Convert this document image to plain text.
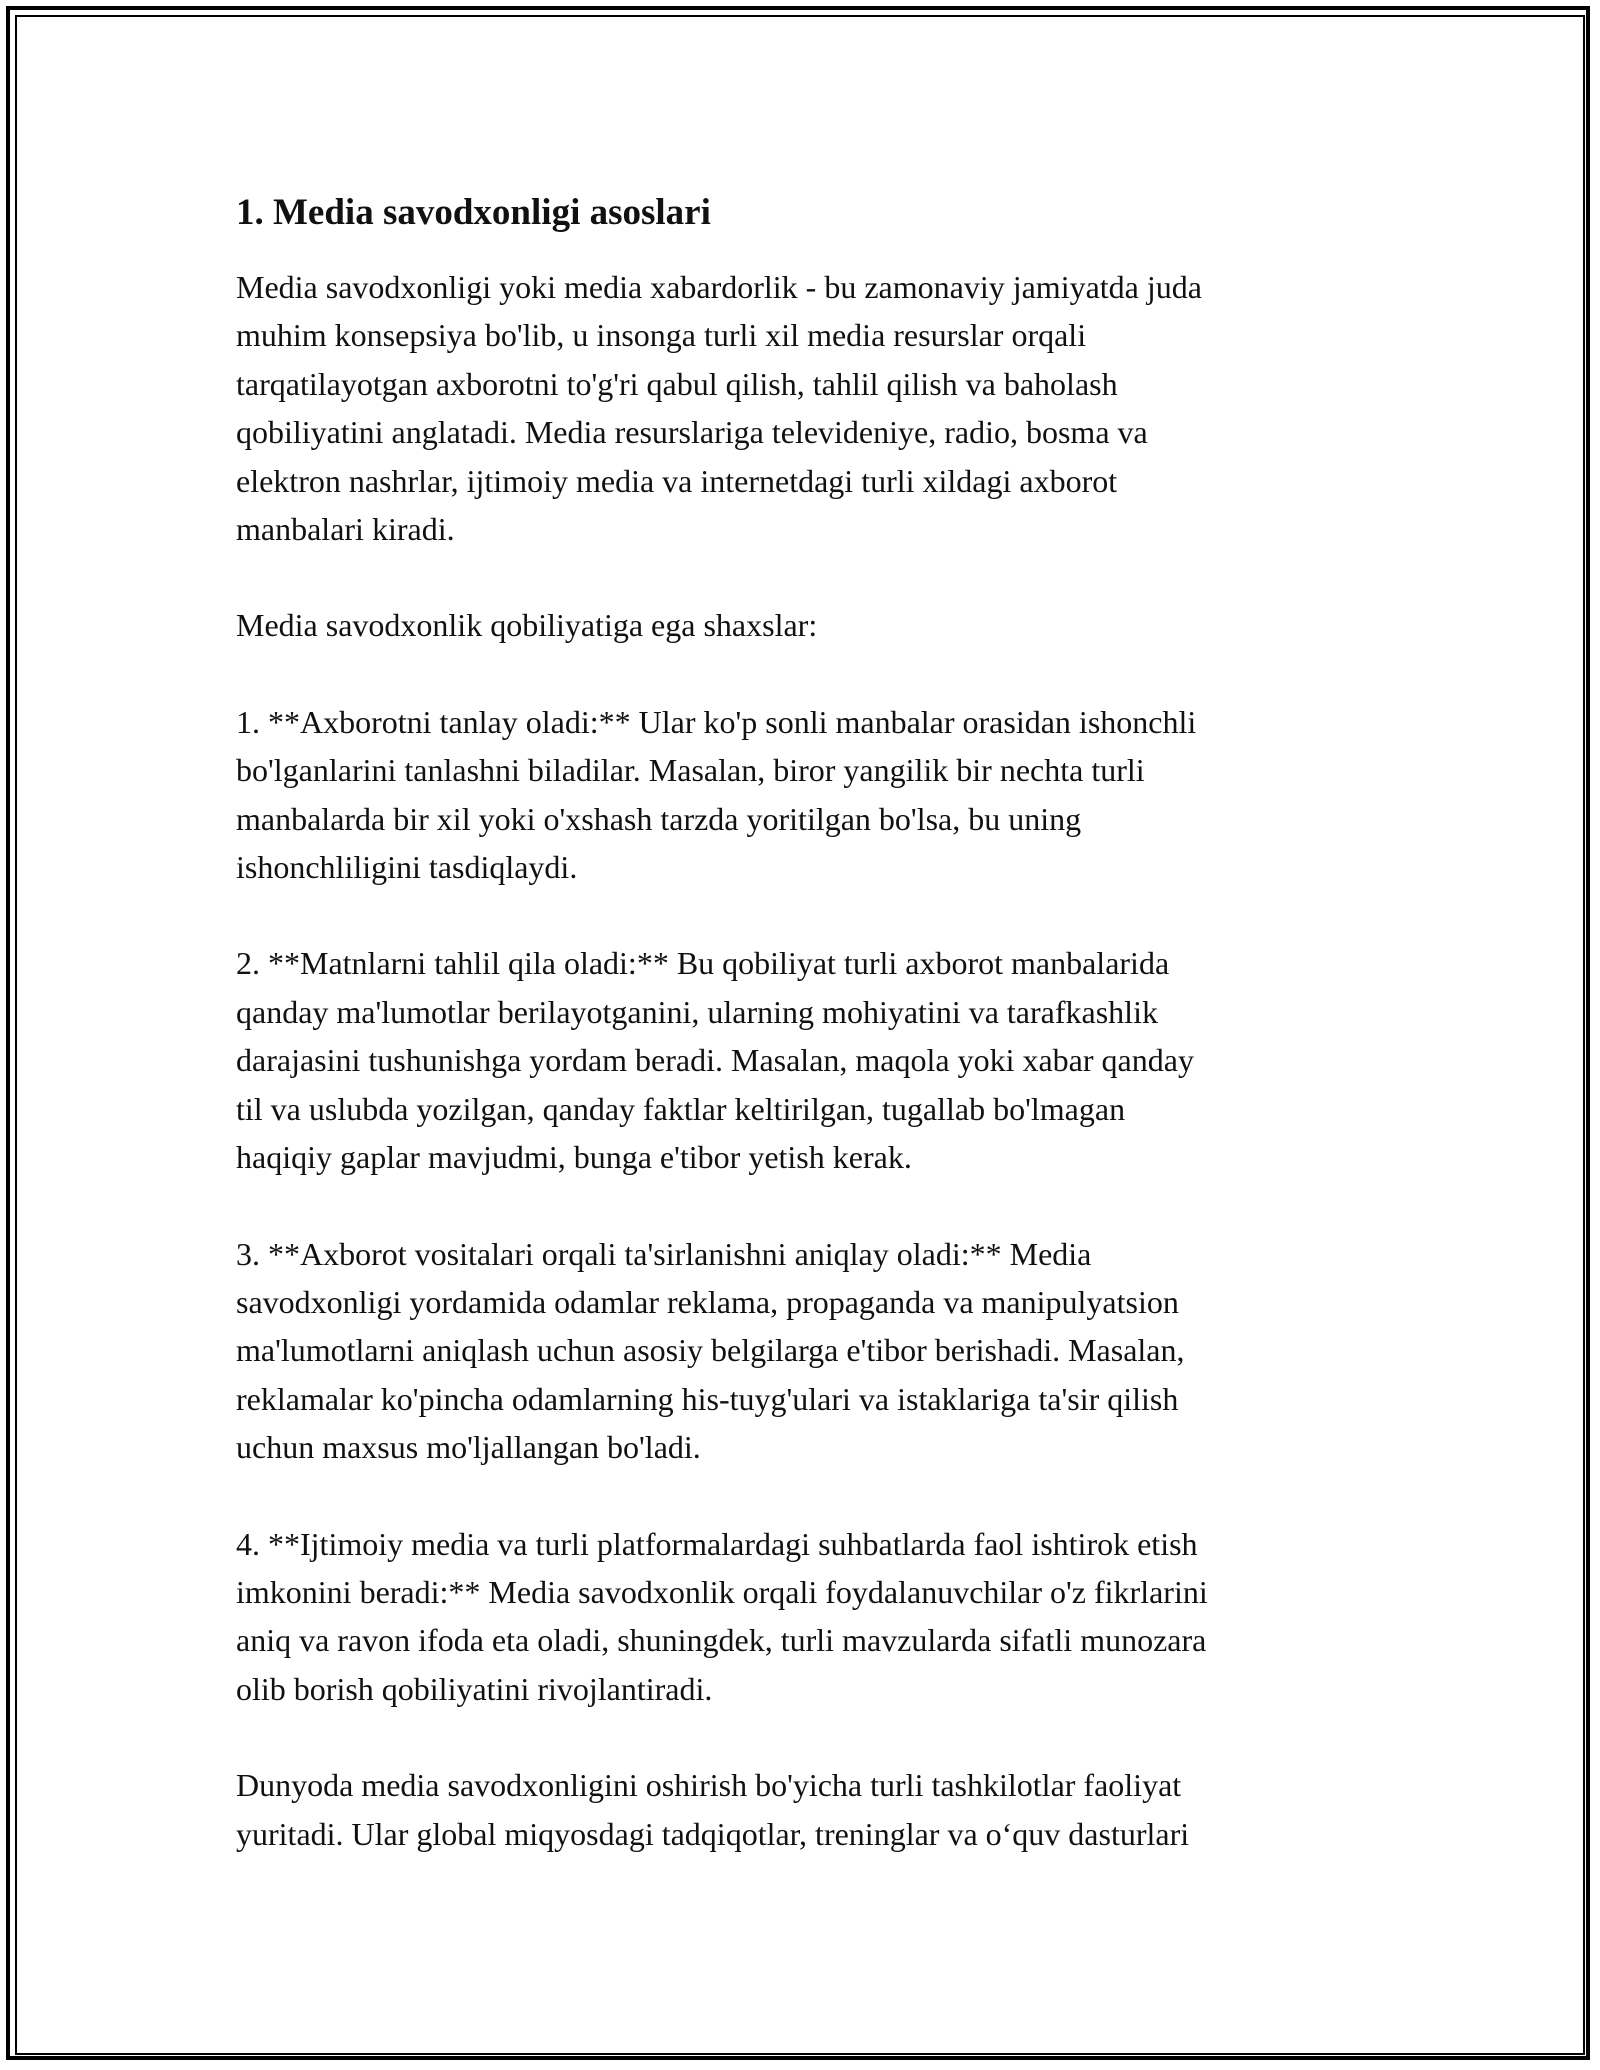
1. Media savodxonligi asoslari

Media savodxonligi yoki media xabardorlik - bu zamonaviy jamiyatda juda
muhim konsepsiya bo'lib, u insonga turli xil media resurslar orqali
tarqatilayotgan axborotni to'g'ri qabul qilish, tahlil qilish va baholash
qobiliyatini anglatadi. Media resurslariga televideniye, radio, bosma va
elektron nashrlar, ijtimoiy media va internetdagi turli xildagi axborot
manbalari kiradi.

Media savodxonlik qobiliyatiga ega shaxslar:

1. **Axborotni tanlay oladi:** Ular ko'p sonli manbalar orasidan ishonchli
bo'lganlarini tanlashni biladilar. Masalan, biror yangilik bir nechta turli
manbalarda bir xil yoki o'xshash tarzda yoritilgan bo'lsa, bu uning
ishonchliligini tasdiqlaydi.

2. **Matnlarni tahlil qila oladi:** Bu qobiliyat turli axborot manbalarida
qanday ma'lumotlar berilayotganini, ularning mohiyatini va tarafkashlik
darajasini tushunishga yordam beradi. Masalan, maqola yoki xabar qanday
til va uslubda yozilgan, qanday faktlar keltirilgan, tugallab bo'lmagan
haqiqiy gaplar mavjudmi, bunga e'tibor yetish kerak.

3. **Axborot vositalari orqali ta'sirlanishni aniqlay oladi:** Media
savodxonligi yordamida odamlar reklama, propaganda va manipulyatsion
ma'lumotlarni aniqlash uchun asosiy belgilarga e'tibor berishadi. Masalan,
reklamalar ko'pincha odamlarning his-tuyg'ulari va istaklariga ta'sir qilish
uchun maxsus mo'ljallangan bo'ladi.

4. **Ijtimoiy media va turli platformalardagi suhbatlarda faol ishtirok etish
imkonini beradi:** Media savodxonlik orqali foydalanuvchilar o'z fikrlarini
aniq va ravon ifoda eta oladi, shuningdek, turli mavzularda sifatli munozara
olib borish qobiliyatini rivojlantiradi.

Dunyoda media savodxonligini oshirish bo'yicha turli tashkilotlar faoliyat
yuritadi. Ular global miqyosdagi tadqiqotlar, treninglar va o‘quv dasturlari
